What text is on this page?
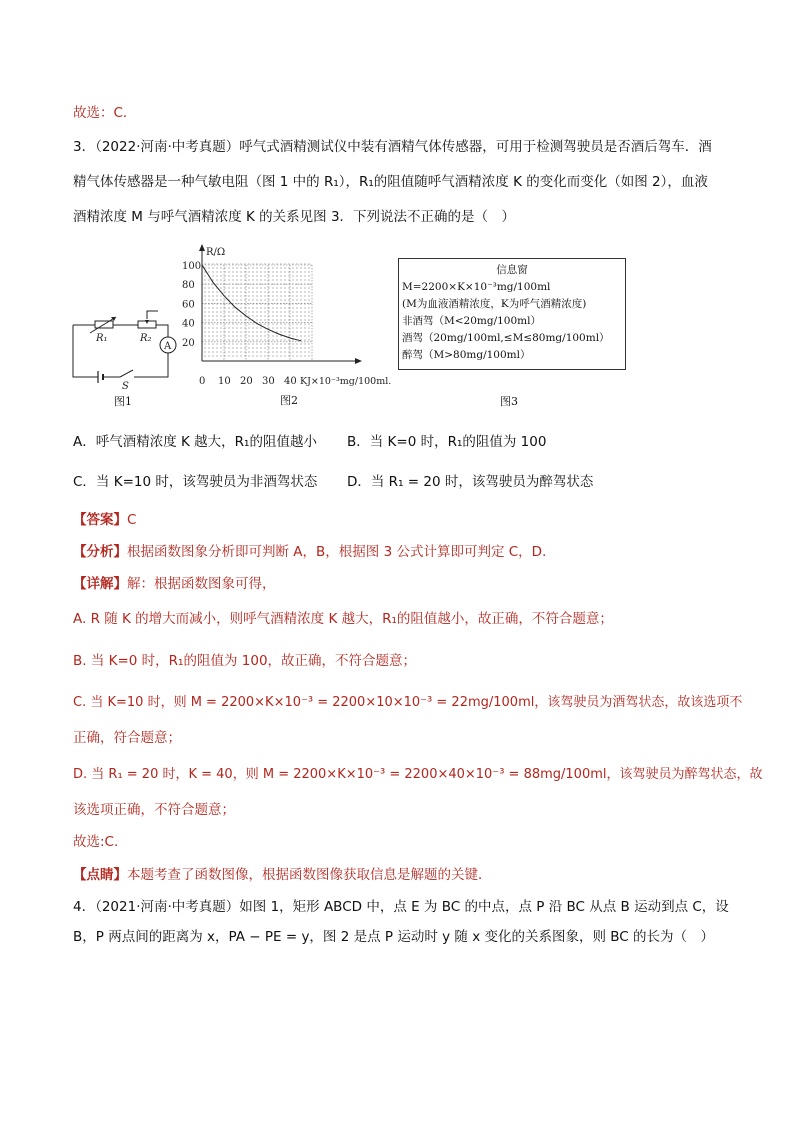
故选：C．
3．（2022·河南·中考真题）呼气式酒精测试仪中装有酒精气体传感器，可用于检测驾驶员是否酒后驾车．酒
精气体传感器是一种气敏电阻（图 1 中的 R₁），R₁的阻值随呼气酒精浓度 K 的变化而变化（如图 2），血液
酒精浓度 M 与呼气酒精浓度 K 的关系见图 3．下列说法不正确的是（　）
A
R₁	R₂
S
图1
R/Ω
100
80
60
40
20
0 10 20 30 40 KJ×10⁻³mg/100ml.
图2
信息窗
M=2200×K×10⁻³mg/100ml
(M为血液酒精浓度，K为呼气酒精浓度)
非酒驾（M<20mg/100ml）
酒驾（20mg/100ml,≤M≤80mg/100ml）
醉驾（M>80mg/100ml）
图3
A．呼气酒精浓度 K 越大，R₁的阻值越小 B．当 K=0 时，R₁的阻值为 100
C．当 K=10 时，该驾驶员为非酒驾状态 D．当 R₁ = 20 时，该驾驶员为醉驾状态
【答案】C
【分析】根据函数图象分析即可判断 A，B，根据图 3 公式计算即可判定 C，D．
【详解】解：根据函数图象可得，
A. R 随 K 的增大而减小，则呼气酒精浓度 K 越大，R₁的阻值越小，故正确，不符合题意；
B. 当 K=0 时，R₁的阻值为 100，故正确，不符合题意；
C. 当 K=10 时，则 M = 2200×K×10⁻³ = 2200×10×10⁻³ = 22mg/100ml，该驾驶员为酒驾状态，故该选项不
正确，符合题意；
D. 当 R₁ = 20 时，K = 40，则 M = 2200×K×10⁻³ = 2200×40×10⁻³ = 88mg/100ml，该驾驶员为醉驾状态，故
该选项正确，不符合题意；
故选:C.
【点睛】本题考查了函数图像，根据函数图像获取信息是解题的关键．
4．（2021·河南·中考真题）如图 1，矩形 ABCD 中，点 E 为 BC 的中点，点 P 沿 BC 从点 B 运动到点 C，设
B，P 两点间的距离为 x，PA − PE = y，图 2 是点 P 运动时 y 随 x 变化的关系图象，则 BC 的长为（　）
